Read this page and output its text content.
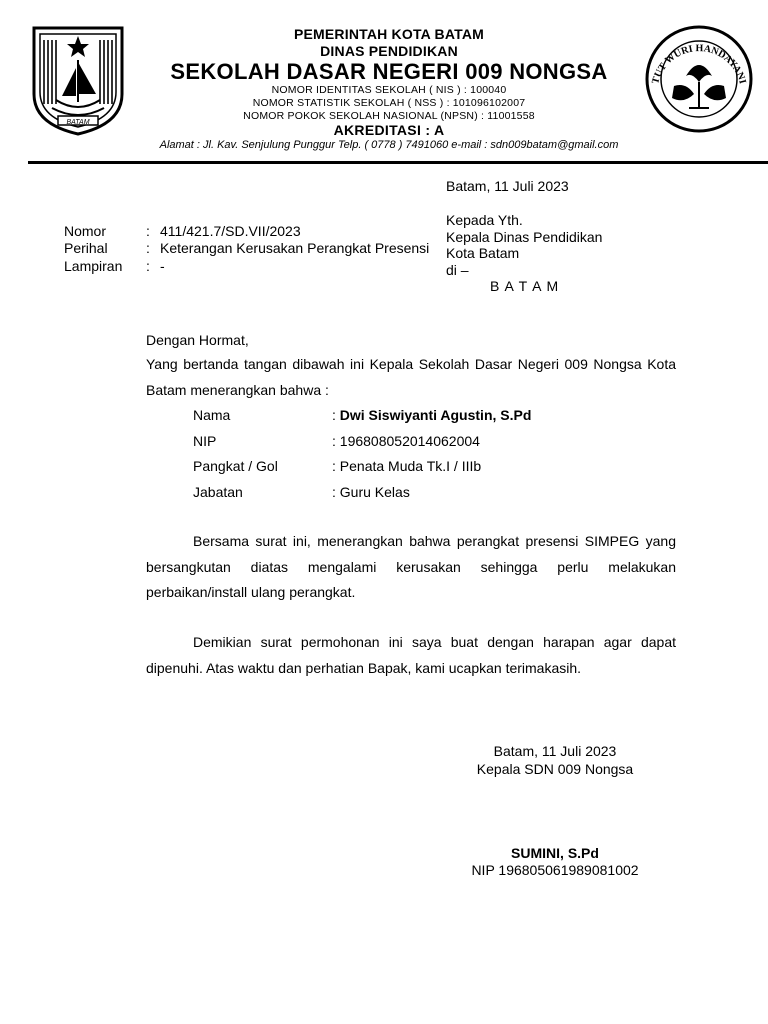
BATAM
TUT WURI HANDAYANI
PEMERINTAH KOTA BATAM
DINAS PENDIDIKAN
SEKOLAH DASAR NEGERI 009 NONGSA
NOMOR IDENTITAS SEKOLAH ( NIS ) : 100040
NOMOR STATISTIK SEKOLAH ( NSS ) : 101096102007
NOMOR POKOK SEKOLAH NASIONAL (NPSN) : 11001558
AKREDITASI : A
Alamat : Jl. Kav. Senjulung Punggur Telp. ( 0778 ) 7491060 e-mail : sdn009batam@gmail.com
Batam, 11 Juli 2023
Kepada Yth.
Kepala Dinas Pendidikan
Kota Batam
di –
B A T A M
Nomor	: 411/421.7/SD.VII/2023
Perihal	: Keterangan Kerusakan Perangkat Presensi
Lampiran : -
Dengan Hormat,
Yang bertanda tangan dibawah ini Kepala Sekolah Dasar Negeri 009 Nongsa Kota Batam menerangkan bahwa :
Nama	: Dwi Siswiyanti Agustin, S.Pd
NIP	: 196808052014062004
Pangkat / Gol	: Penata Muda Tk.I / IIIb
Jabatan	: Guru Kelas
Bersama surat ini, menerangkan bahwa perangkat presensi SIMPEG yang bersangkutan diatas mengalami kerusakan sehingga perlu melakukan perbaikan/install ulang perangkat.
Demikian surat permohonan ini saya buat dengan harapan agar dapat dipenuhi. Atas waktu dan perhatian Bapak, kami ucapkan terimakasih.
Batam, 11 Juli 2023
Kepala SDN 009 Nongsa
SUMINI, S.Pd
NIP 196805061989081002
